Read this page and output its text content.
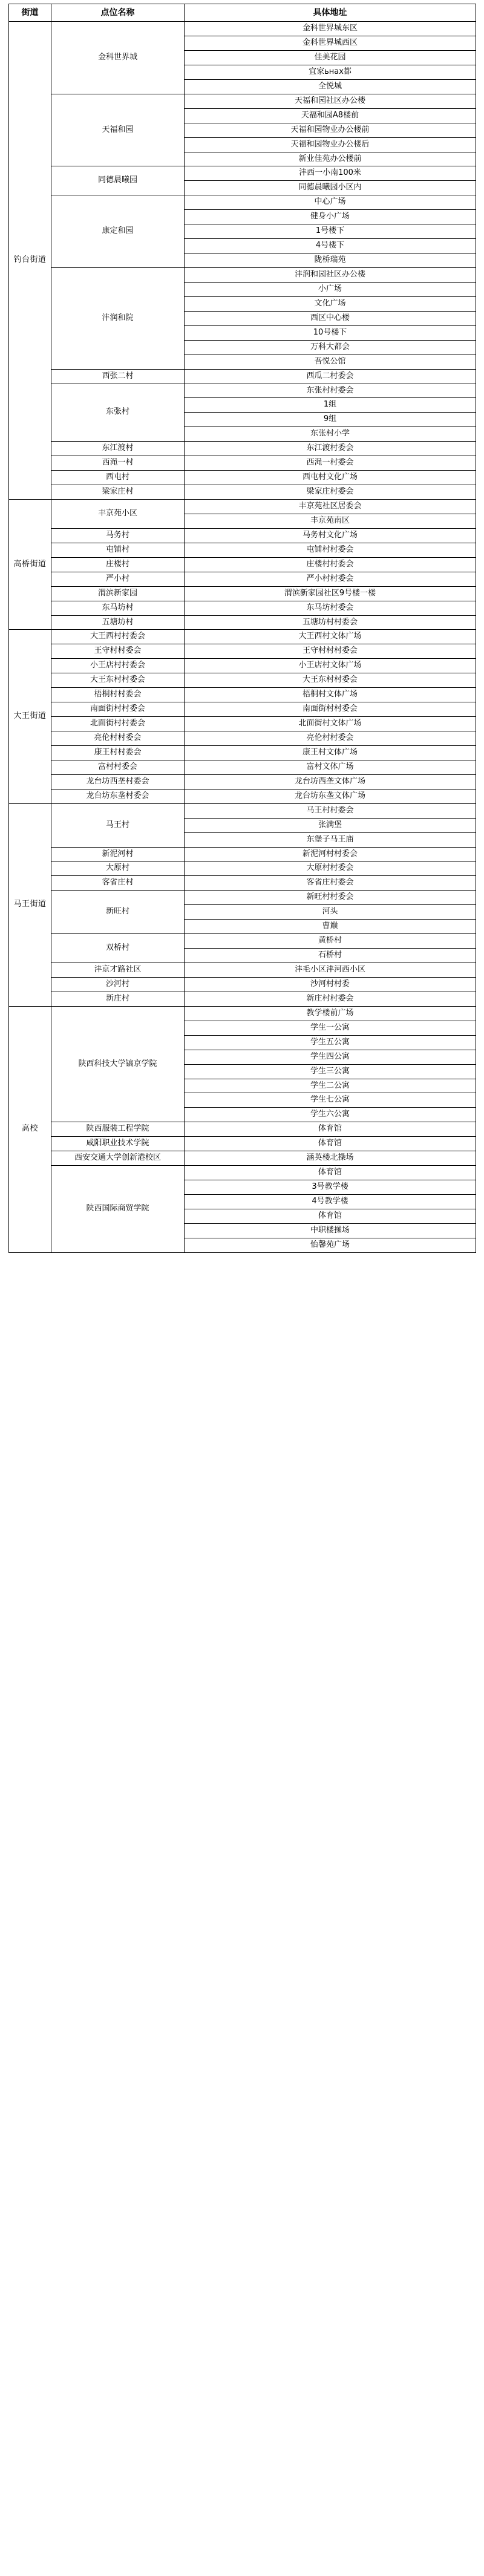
街道	点位名称	具体地址
钓台街道	金科世界城	金科世界城东区
		金科世界城西区
		佳美花园
		宜家ьнах都
		全悦城
	天福和园	天福和园社区办公楼
		天福和园A8楼前
		天福和园物业办公楼前
		天福和园物业办公楼后
		新业佳苑办公楼前
	同德晨曦园	沣西一小南100米
		同德晨曦园小区内
	康定和园	中心广场
		健身小广场
		1号楼下
		4号楼下
		陇桥瑞苑
	沣润和院	沣润和园社区办公楼
		小广场
		文化广场
		西区中心楼
		10号楼下
		万科大都会
		吾悦公馆
	西张二村	西瓜二村委会
	东张村	东张村村委会
		1组
		9组
		东张村小学
	东江渡村	东江渡村委会
	西渑一村	西渑一村委会
	西屯村	西屯村文化广场
	梁家庄村	梁家庄村委会
高桥街道	丰京苑小区	丰京苑社区居委会
		丰京苑南区
	马务村	马务村文化广场
	屯铺村	屯铺村村委会
	庄楼村	庄楼村村委会
	严小村	严小村村委会
	渭滨新家园	渭滨新家园社区9号楼一楼
	东马坊村	东马坊村委会
	五塘坊村	五塘坊村村委会
大王街道	大王西村村委会	大王西村文体广场
	王守村村委会	王守村村村委会
	小王店村村委会	小王店村文体广场
	大王东村村委会	大王东村村委会
	梧桐村村委会	梧桐村文体广场
	南面街村村委会	南面街村村委会
	北面街村村委会	北面街村文体广场
	亮伦村村委会	亮伦村村委会
	康王村村委会	康王村文体广场
	富村村委会	富村文体广场
	龙台坊西垄村委会	龙台坊西垄文体广场
	龙台坊东垄村委会	龙台坊东垄文体广场
马王街道	马王村	马王村村委会
		张满堡
		东堡子马王庙
	新泥河村	新泥河村村委会
	大原村	大原村村委会
	客省庄村	客省庄村委会
	新旺村	新旺村村委会
		河头
		曹巅
	双桥村	黄桥村
		石桥村
	沣京才路社区	沣毛小区沣河西小区
	沙河村	沙河村村委
	新庄村	新庄村村委会
高校	陕西科技大学镐京学院	教学楼前广场
		学生一公寓
		学生五公寓
		学生四公寓
		学生三公寓
		学生二公寓
		学生七公寓
		学生六公寓
	陕西服装工程学院	体育馆
	咸阳职业技术学院	体育馆
	西安交通大学创新港校区	涵英楼北操场
	陕西国际商贸学院	体育馆
		3号教学楼
		4号教学楼
		体育馆
		中职楼操场
		怡馨苑广场
